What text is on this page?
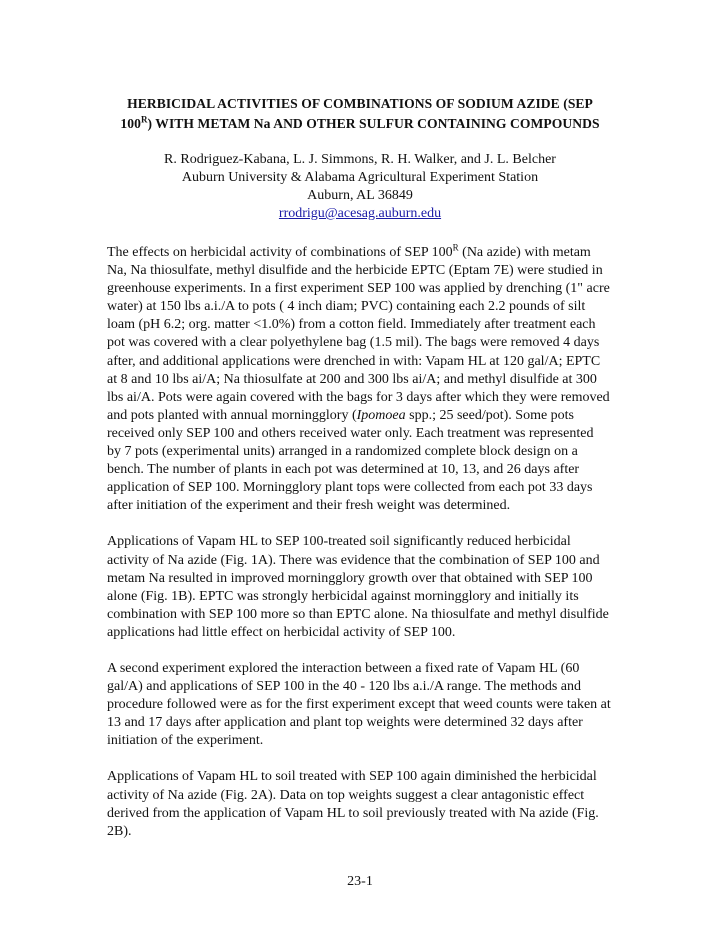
HERBICIDAL ACTIVITIES OF COMBINATIONS OF SODIUM AZIDE (SEP
$100^R$) WITH METAM Na AND OTHER SULFUR CONTAINING COMPOUNDS
R. Rodriguez-Kabana, L. J. Simmons, R. H. Walker, and J. L. Belcher
Auburn University & Alabama Agricultural Experiment Station
Auburn, AL 36849
rrodrigu@acesag.auburn.edu
The effects on herbicidal activity of combinations of SEP $100^R$ (Na azide) with metam
Na, Na thiosulfate, methyl disulfide and the herbicide EPTC (Eptam 7E) were studied in
greenhouse experiments. In a first experiment SEP 100 was applied by drenching (1" acre
water) at 150 lbs a.i./A to pots ( 4 inch diam; PVC) containing each 2.2 pounds of silt
loam (pH 6.2; org. matter <1.0%) from a cotton field. Immediately after treatment each
pot was covered with a clear polyethylene bag (1.5 mil). The bags were removed 4 days
after, and additional applications were drenched in with: Vapam HL at 120 gal/A; EPTC
at 8 and 10 lbs ai/A; Na thiosulfate at 200 and 300 lbs ai/A; and methyl disulfide at 300
lbs ai/A. Pots were again covered with the bags for 3 days after which they were removed
and pots planted with annual morningglory (Ipomoea spp.; 25 seed/pot). Some pots
received only SEP 100 and others received water only. Each treatment was represented
by 7 pots (experimental units) arranged in a randomized complete block design on a
bench. The number of plants in each pot was determined at 10, 13, and 26 days after
application of SEP 100. Morningglory plant tops were collected from each pot 33 days
after initiation of the experiment and their fresh weight was determined.
Applications of Vapam HL to SEP 100-treated soil significantly reduced herbicidal
activity of Na azide (Fig. 1A). There was evidence that the combination of SEP 100 and
metam Na resulted in improved morningglory growth over that obtained with SEP 100
alone (Fig. 1B). EPTC was strongly herbicidal against morningglory and initially its
combination with SEP 100 more so than EPTC alone. Na thiosulfate and methyl disulfide
applications had little effect on herbicidal activity of SEP 100.
A second experiment explored the interaction between a fixed rate of Vapam HL (60
gal/A) and applications of SEP 100 in the 40 - 120 lbs a.i./A range. The methods and
procedure followed were as for the first experiment except that weed counts were taken at
13 and 17 days after application and plant top weights were determined 32 days after
initiation of the experiment.
Applications of Vapam HL to soil treated with SEP 100 again diminished the herbicidal
activity of Na azide (Fig. 2A). Data on top weights suggest a clear antagonistic effect
derived from the application of Vapam HL to soil previously treated with Na azide (Fig.
2B).
23-1
